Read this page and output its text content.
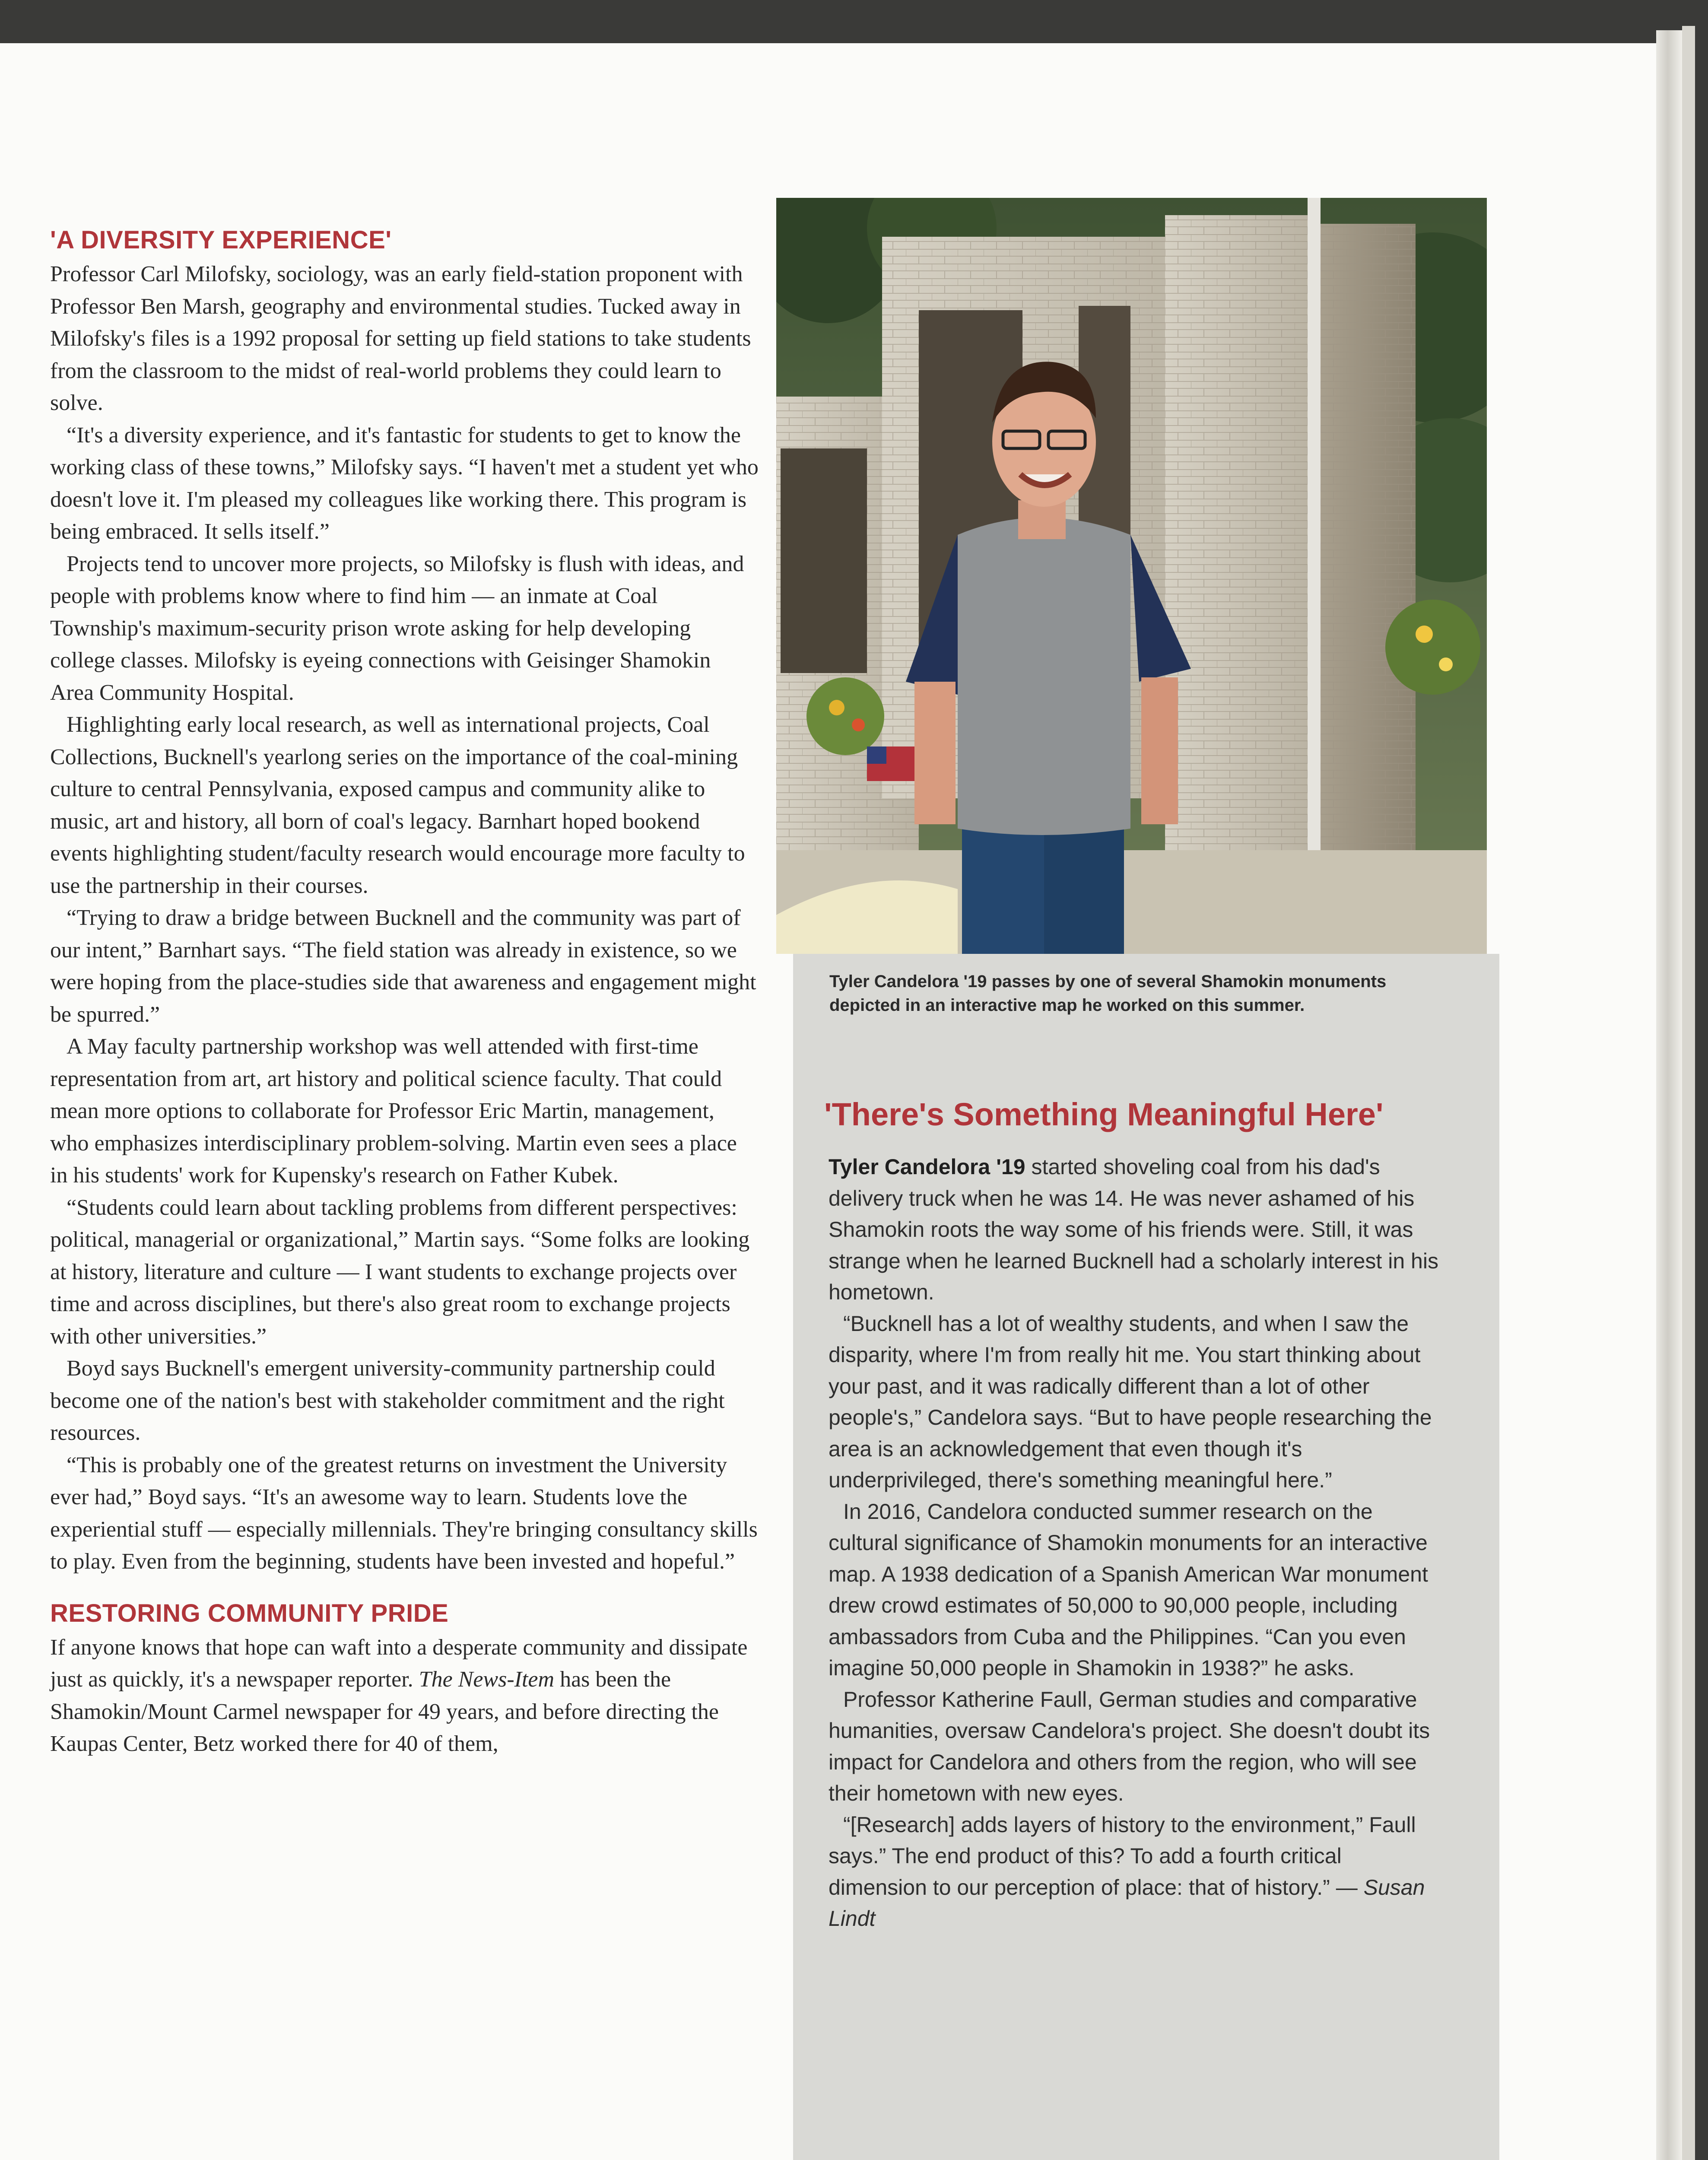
'A DIVERSITY EXPERIENCE'

Professor Carl Milofsky, sociology, was an early field-station proponent with Professor Ben Marsh, geography and environmental studies. Tucked away in Milofsky's files is a 1992 proposal for setting up field stations to take students from the classroom to the midst of real-world problems they could learn to solve.

“It's a diversity experience, and it's fantastic for students to get to know the working class of these towns,” Milofsky says. “I haven't met a student yet who doesn't love it. I'm pleased my colleagues like working there. This program is being embraced. It sells itself.”

Projects tend to uncover more projects, so Milofsky is flush with ideas, and people with problems know where to find him — an inmate at Coal Township's maximum-security prison wrote asking for help developing college classes. Milofsky is eyeing connections with Geisinger Shamokin Area Community Hospital.

Highlighting early local research, as well as international projects, Coal Collections, Bucknell's yearlong series on the importance of the coal-mining culture to central Pennsylvania, exposed campus and community alike to music, art and history, all born of coal's legacy. Barnhart hoped bookend events highlighting student/faculty research would encourage more faculty to use the partnership in their courses.

“Trying to draw a bridge between Bucknell and the community was part of our intent,” Barnhart says. “The field station was already in existence, so we were hoping from the place-studies side that awareness and engagement might be spurred.”

A May faculty partnership workshop was well attended with first-time representation from art, art history and political science faculty. That could mean more options to collaborate for Professor Eric Martin, management, who emphasizes interdisciplinary problem-solving. Martin even sees a place in his students' work for Kupensky's research on Father Kubek.

“Students could learn about tackling problems from different perspectives: political, managerial or organizational,” Martin says. “Some folks are looking at history, literature and culture — I want students to exchange projects over time and across disciplines, but there's also great room to exchange projects with other universities.”

Boyd says Bucknell's emergent university-community partnership could become one of the nation's best with stakeholder commitment and the right resources.

“This is probably one of the greatest returns on investment the University ever had,” Boyd says. “It's an awesome way to learn. Students love the experiential stuff — especially millennials. They're bringing consultancy skills to play. Even from the beginning, students have been invested and hopeful.”

RESTORING COMMUNITY PRIDE

If anyone knows that hope can waft into a desperate community and dissipate just as quickly, it's a newspaper reporter. The News-Item has been the Shamokin/Mount Carmel newspaper for 49 years, and before directing the Kaupas Center, Betz worked there for 40 of them,

Tyler Candelora '19 passes by one of several Shamokin monuments depicted in an interactive map he worked on this summer.

'There's Something Meaningful Here'

Tyler Candelora '19 started shoveling coal from his dad's delivery truck when he was 14. He was never ashamed of his Shamokin roots the way some of his friends were. Still, it was strange when he learned Bucknell had a scholarly interest in his hometown.

“Bucknell has a lot of wealthy students, and when I saw the disparity, where I'm from really hit me. You start thinking about your past, and it was radically different than a lot of other people's,” Candelora says. “But to have people researching the area is an acknowledgement that even though it's underprivileged, there's something meaningful here.”

In 2016, Candelora conducted summer research on the cultural significance of Shamokin monuments for an interactive map. A 1938 dedication of a Spanish American War monument drew crowd estimates of 50,000 to 90,000 people, including ambassadors from Cuba and the Philippines. “Can you even imagine 50,000 people in Shamokin in 1938?” he asks.

Professor Katherine Faull, German studies and comparative humanities, oversaw Candelora's project. She doesn't doubt its impact for Candelora and others from the region, who will see their hometown with new eyes.

“[Research] adds layers of history to the environment,” Faull says.” The end product of this? To add a fourth critical dimension to our perception of place: that of history.” — Susan Lindt
